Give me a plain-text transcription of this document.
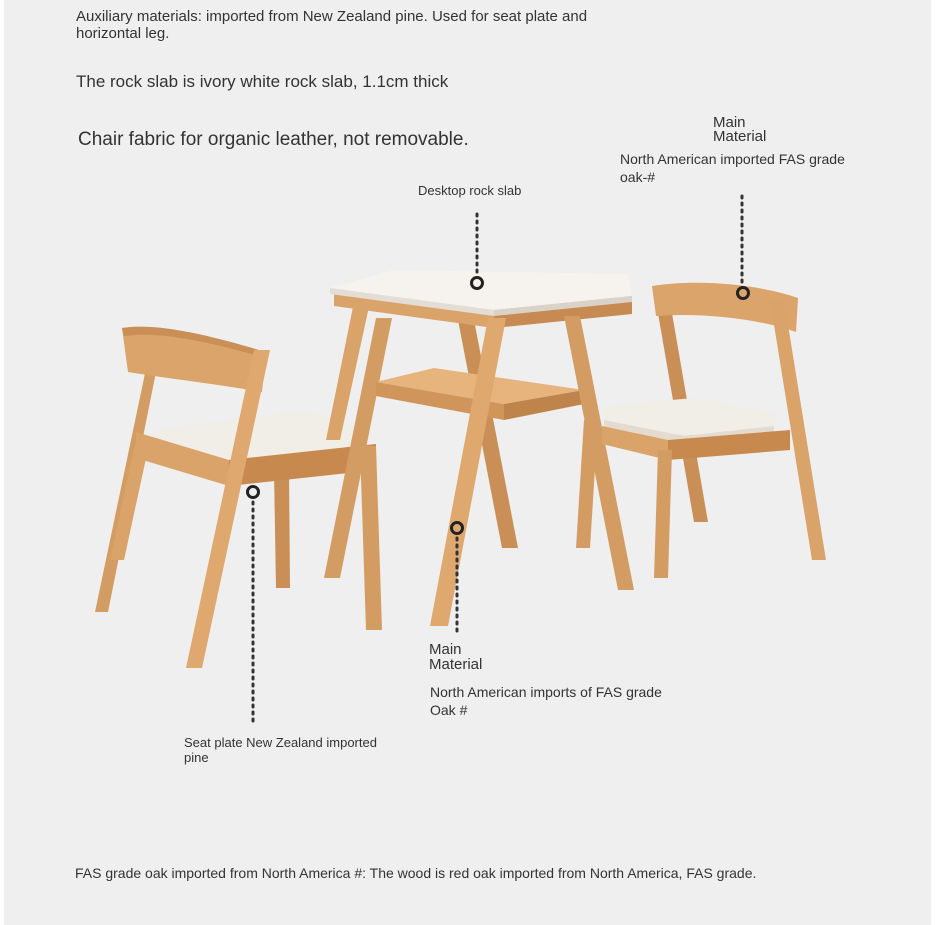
Auxiliary materials: imported from New Zealand pine. Used for seat plate and

horizontal leg.

The rock slab is ivory white rock slab, 1.1cm thick

Chair fabric for organic leather, not removable.

Desktop rock slab

Main

Material

North American imported FAS grade

oak-#

Main

Material

North American imports of FAS grade

Oak #

Seat plate New Zealand imported

pine

FAS grade oak imported from North America #: The wood is red oak imported from North America, FAS grade.
